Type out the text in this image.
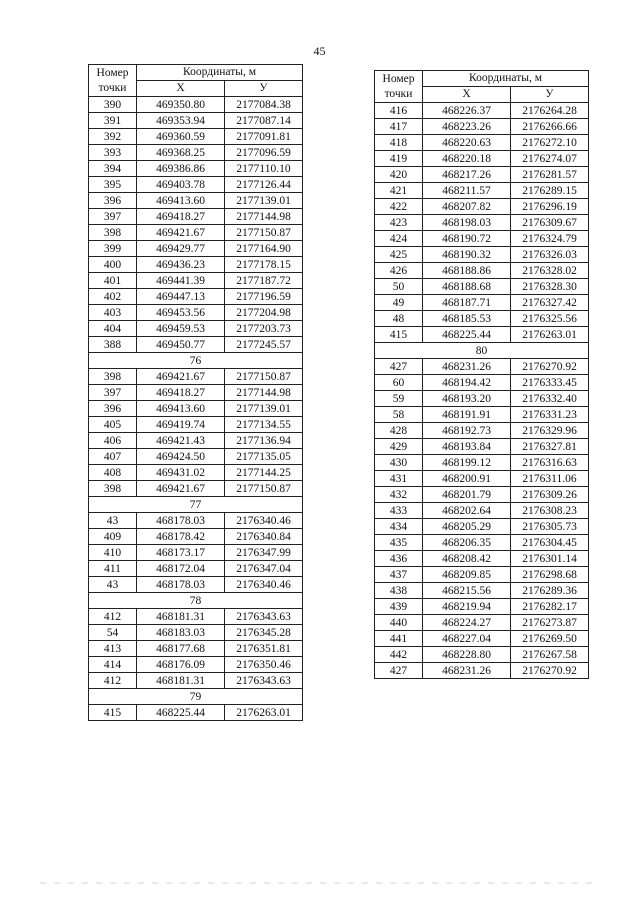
45
Номер
точки	Координаты, м	
	X	У
390	469350.80	2177084.38
391	469353.94	2177087.14
392	469360.59	2177091.81
393	469368.25	2177096.59
394	469386.86	2177110.10
395	469403.78	2177126.44
396	469413.60	2177139.01
397	469418.27	2177144.98
398	469421.67	2177150.87
399	469429.77	2177164.90
400	469436.23	2177178.15
401	469441.39	2177187.72
402	469447.13	2177196.59
403	469453.56	2177204.98
404	469459.53	2177203.73
388	469450.77	2177245.57
76		
398	469421.67	2177150.87
397	469418.27	2177144.98
396	469413.60	2177139.01
405	469419.74	2177134.55
406	469421.43	2177136.94
407	469424.50	2177135.05
408	469431.02	2177144.25
398	469421.67	2177150.87
77		
43	468178.03	2176340.46
409	468178.42	2176340.84
410	468173.17	2176347.99
411	468172.04	2176347.04
43	468178.03	2176340.46
78		
412	468181.31	2176343.63
54	468183.03	2176345.28
413	468177.68	2176351.81
414	468176.09	2176350.46
412	468181.31	2176343.63
79		
415	468225.44	2176263.01
Номер
точки	Координаты, м	
	X	У
416	468226.37	2176264.28
417	468223.26	2176266.66
418	468220.63	2176272.10
419	468220.18	2176274.07
420	468217.26	2176281.57
421	468211.57	2176289.15
422	468207.82	2176296.19
423	468198.03	2176309.67
424	468190.72	2176324.79
425	468190.32	2176326.03
426	468188.86	2176328.02
50	468188.68	2176328.30
49	468187.71	2176327.42
48	468185.53	2176325.56
415	468225.44	2176263.01
80		
427	468231.26	2176270.92
60	468194.42	2176333.45
59	468193.20	2176332.40
58	468191.91	2176331.23
428	468192.73	2176329.96
429	468193.84	2176327.81
430	468199.12	2176316.63
431	468200.91	2176311.06
432	468201.79	2176309.26
433	468202.64	2176308.23
434	468205.29	2176305.73
435	468206.35	2176304.45
436	468208.42	2176301.14
437	468209.85	2176298.68
438	468215.56	2176289.36
439	468219.94	2176282.17
440	468224.27	2176273.87
441	468227.04	2176269.50
442	468228.80	2176267.58
427	468231.26	2176270.92
